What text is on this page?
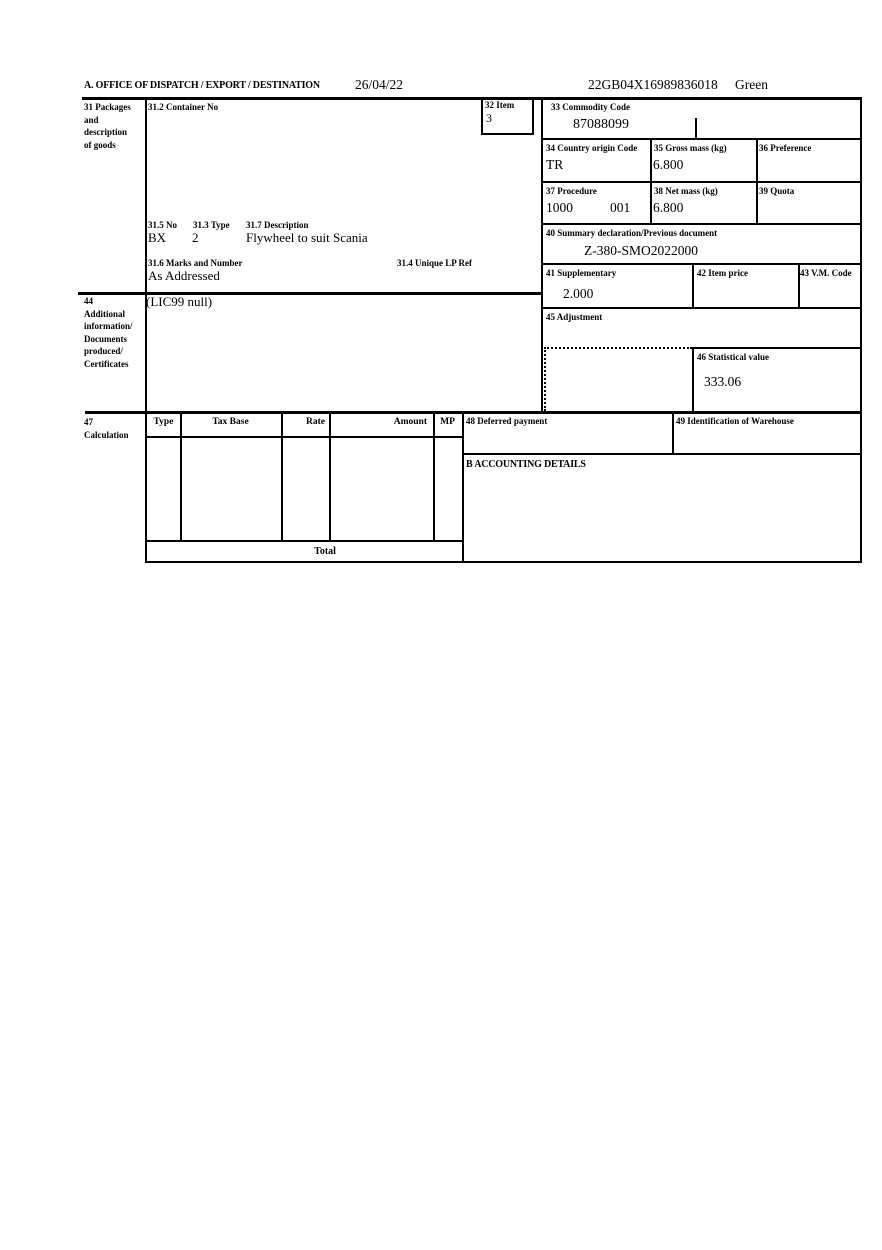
A. OFFICE OF DISPATCH / EXPORT / DESTINATION	26/04/22	22GB04X16989836018 Green
31 Packages
and
description
of goods
44
Additional
information/
Documents
produced/
Certificates
47
Calculation
31.2 Container No
31.5 No 31.3 Type 31.7 Description
BX 2	Flywheel to suit Scania
31.6 Marks and Number	31.4 Unique LP Ref
As Addressed
32 Item
3
33 Commodity Code
87088099
34 Country origin Code
TR
35 Gross mass (kg)
6.800
36 Preference
37 Procedure
1000	001
38 Net mass (kg)
6.800
39 Quota
40 Summary declaration/Previous document
Z-380-SMO2022000
41 Supplementary
2.000
42 Item price	43 V.M. Code
(LIC99 null)
45 Adjustment
46 Statistical value
333.06
Type	Tax Base	Rate	Amount	MP	48 Deferred payment	49 Identification of Warehouse
B ACCOUNTING DETAILS
Total
